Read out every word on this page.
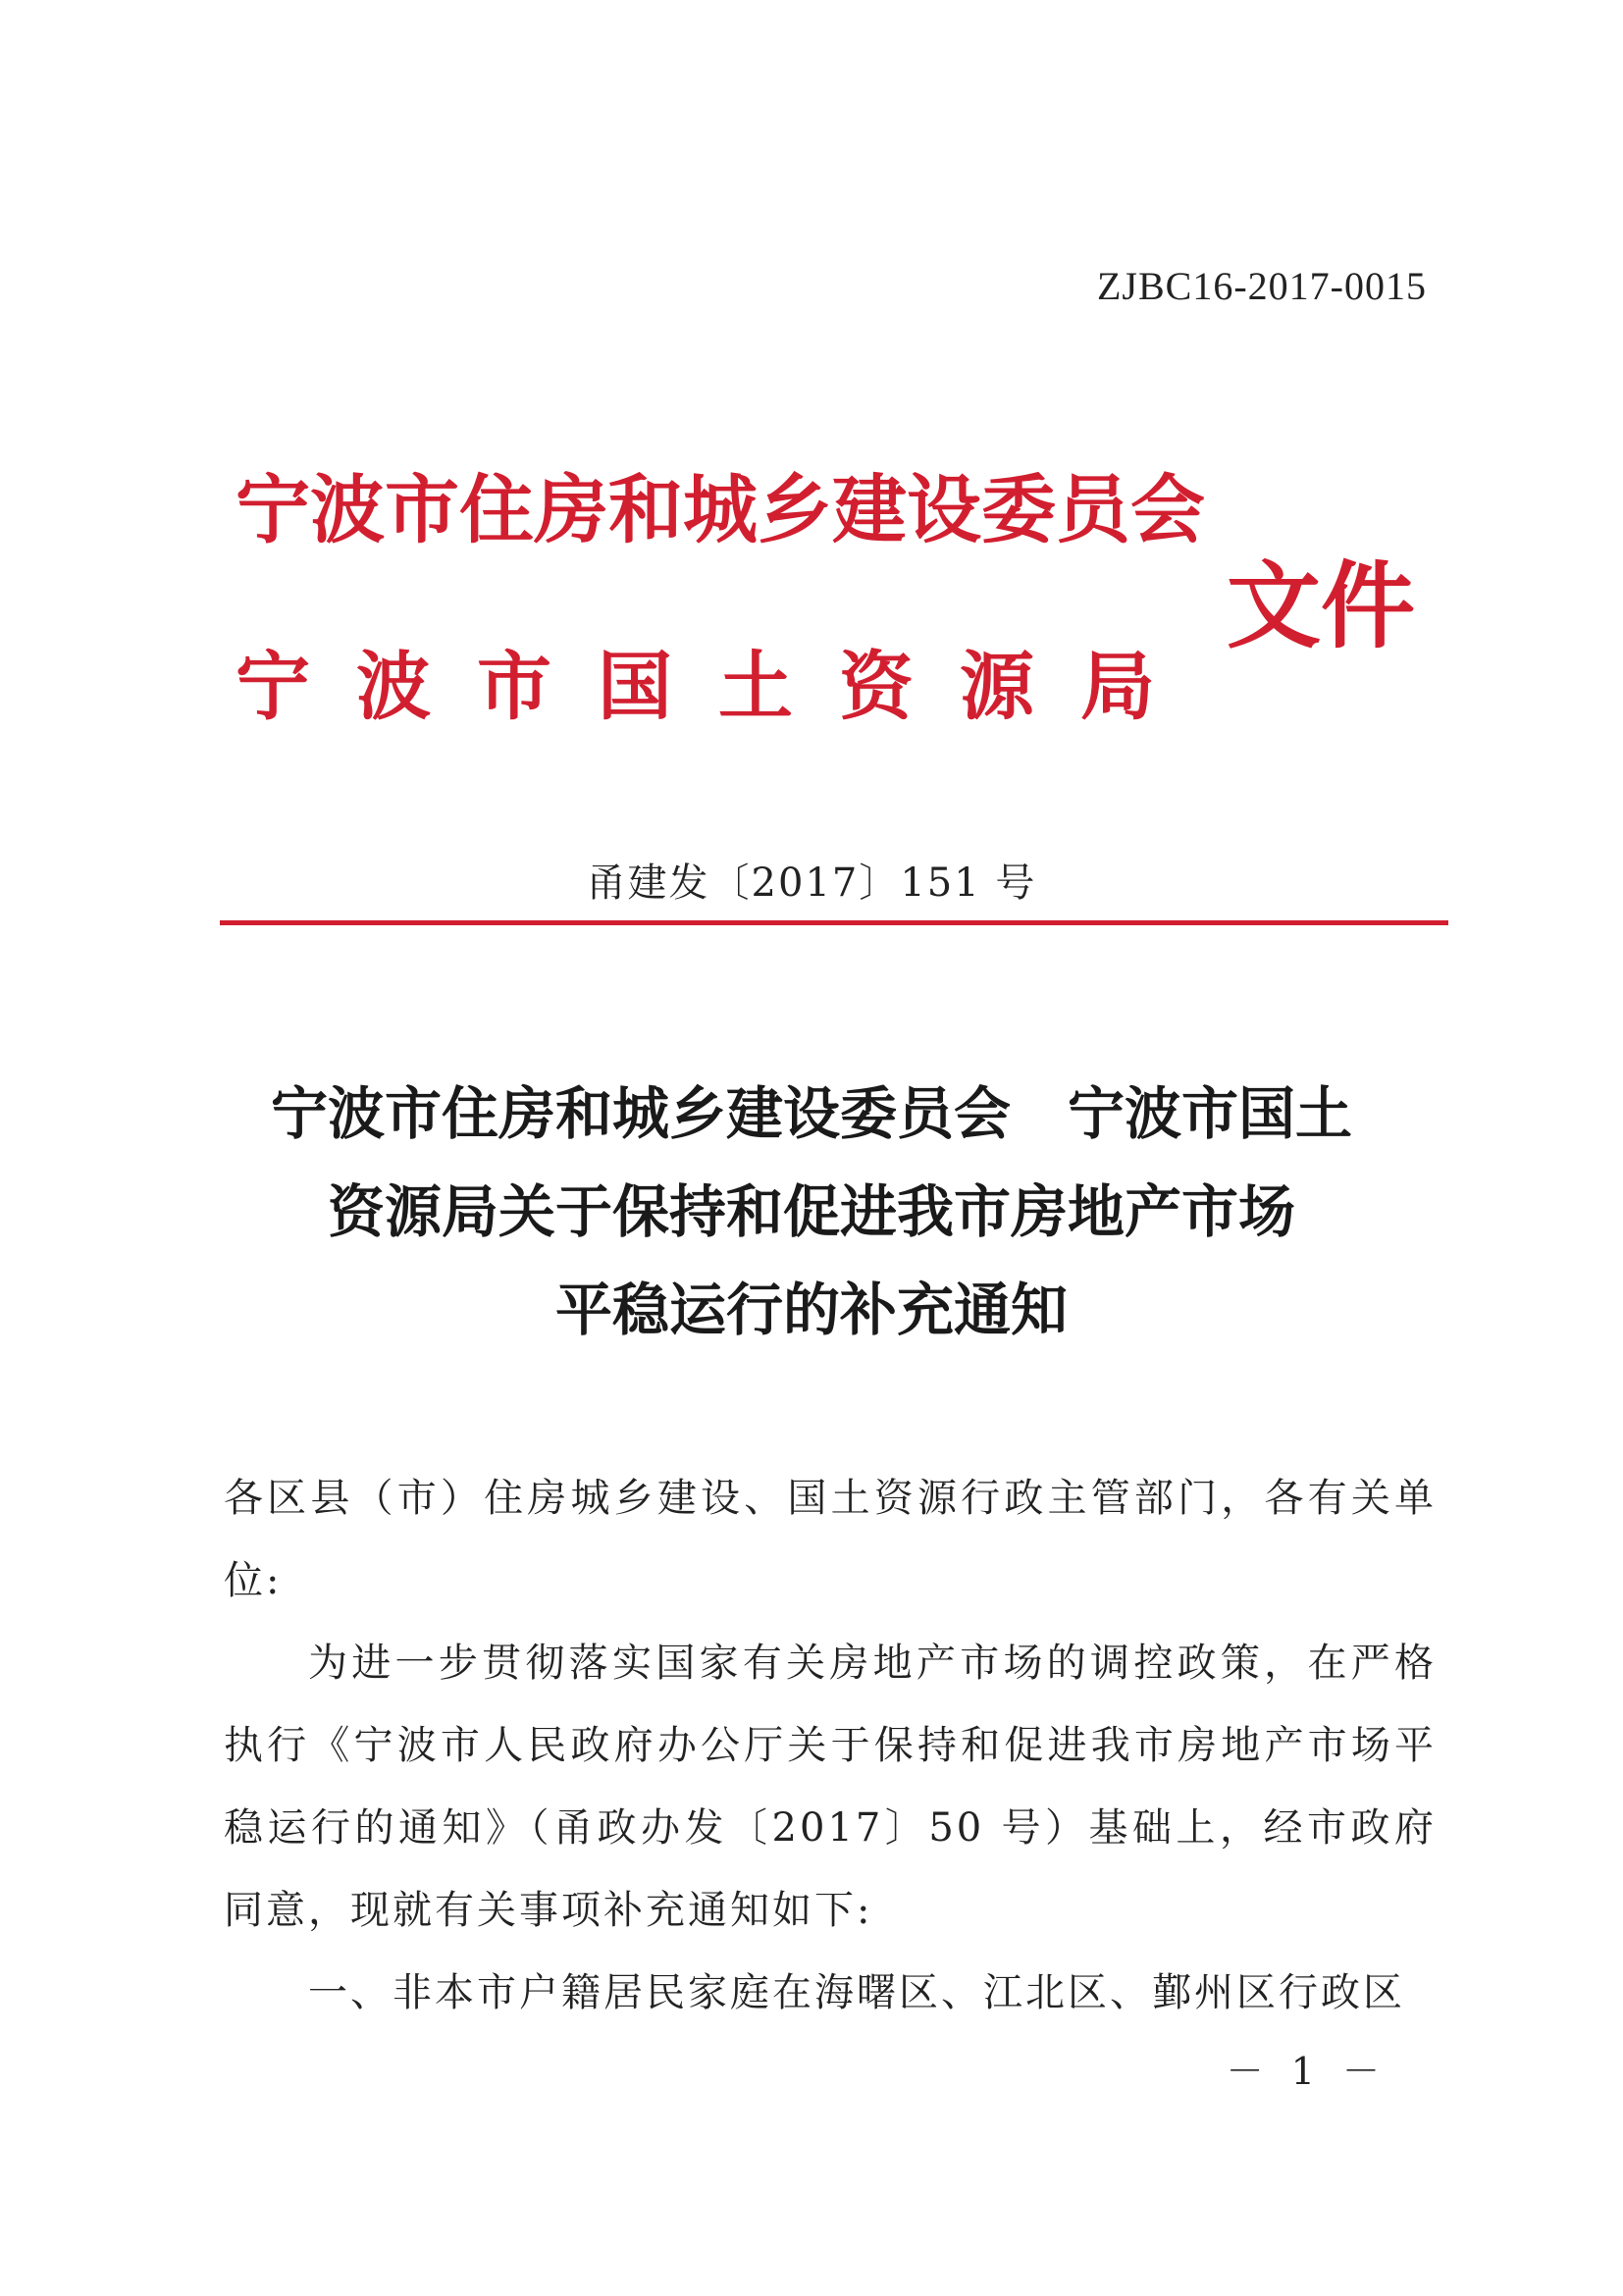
ZJBC16-2017-0015
宁波市住房和城乡建设委员会
宁波市国土资源局
文件
甬建发〔2017〕151 号
宁波市住房和城乡建设委员会　宁波市国土
资源局关于保持和促进我市房地产市场
平稳运行的补充通知

各区县（市）住房城乡建设、国土资源行政主管部门，各有关单位:

为进一步贯彻落实国家有关房地产市场的调控政策，在严格执行《宁波市人民政府办公厅关于保持和促进我市房地产市场平稳运行的通知》（甬政办发〔2017〕50 号）基础上，经市政府同意，现就有关事项补充通知如下:

一、非本市户籍居民家庭在海曙区、江北区、鄞州区行政区

－ 1 －
